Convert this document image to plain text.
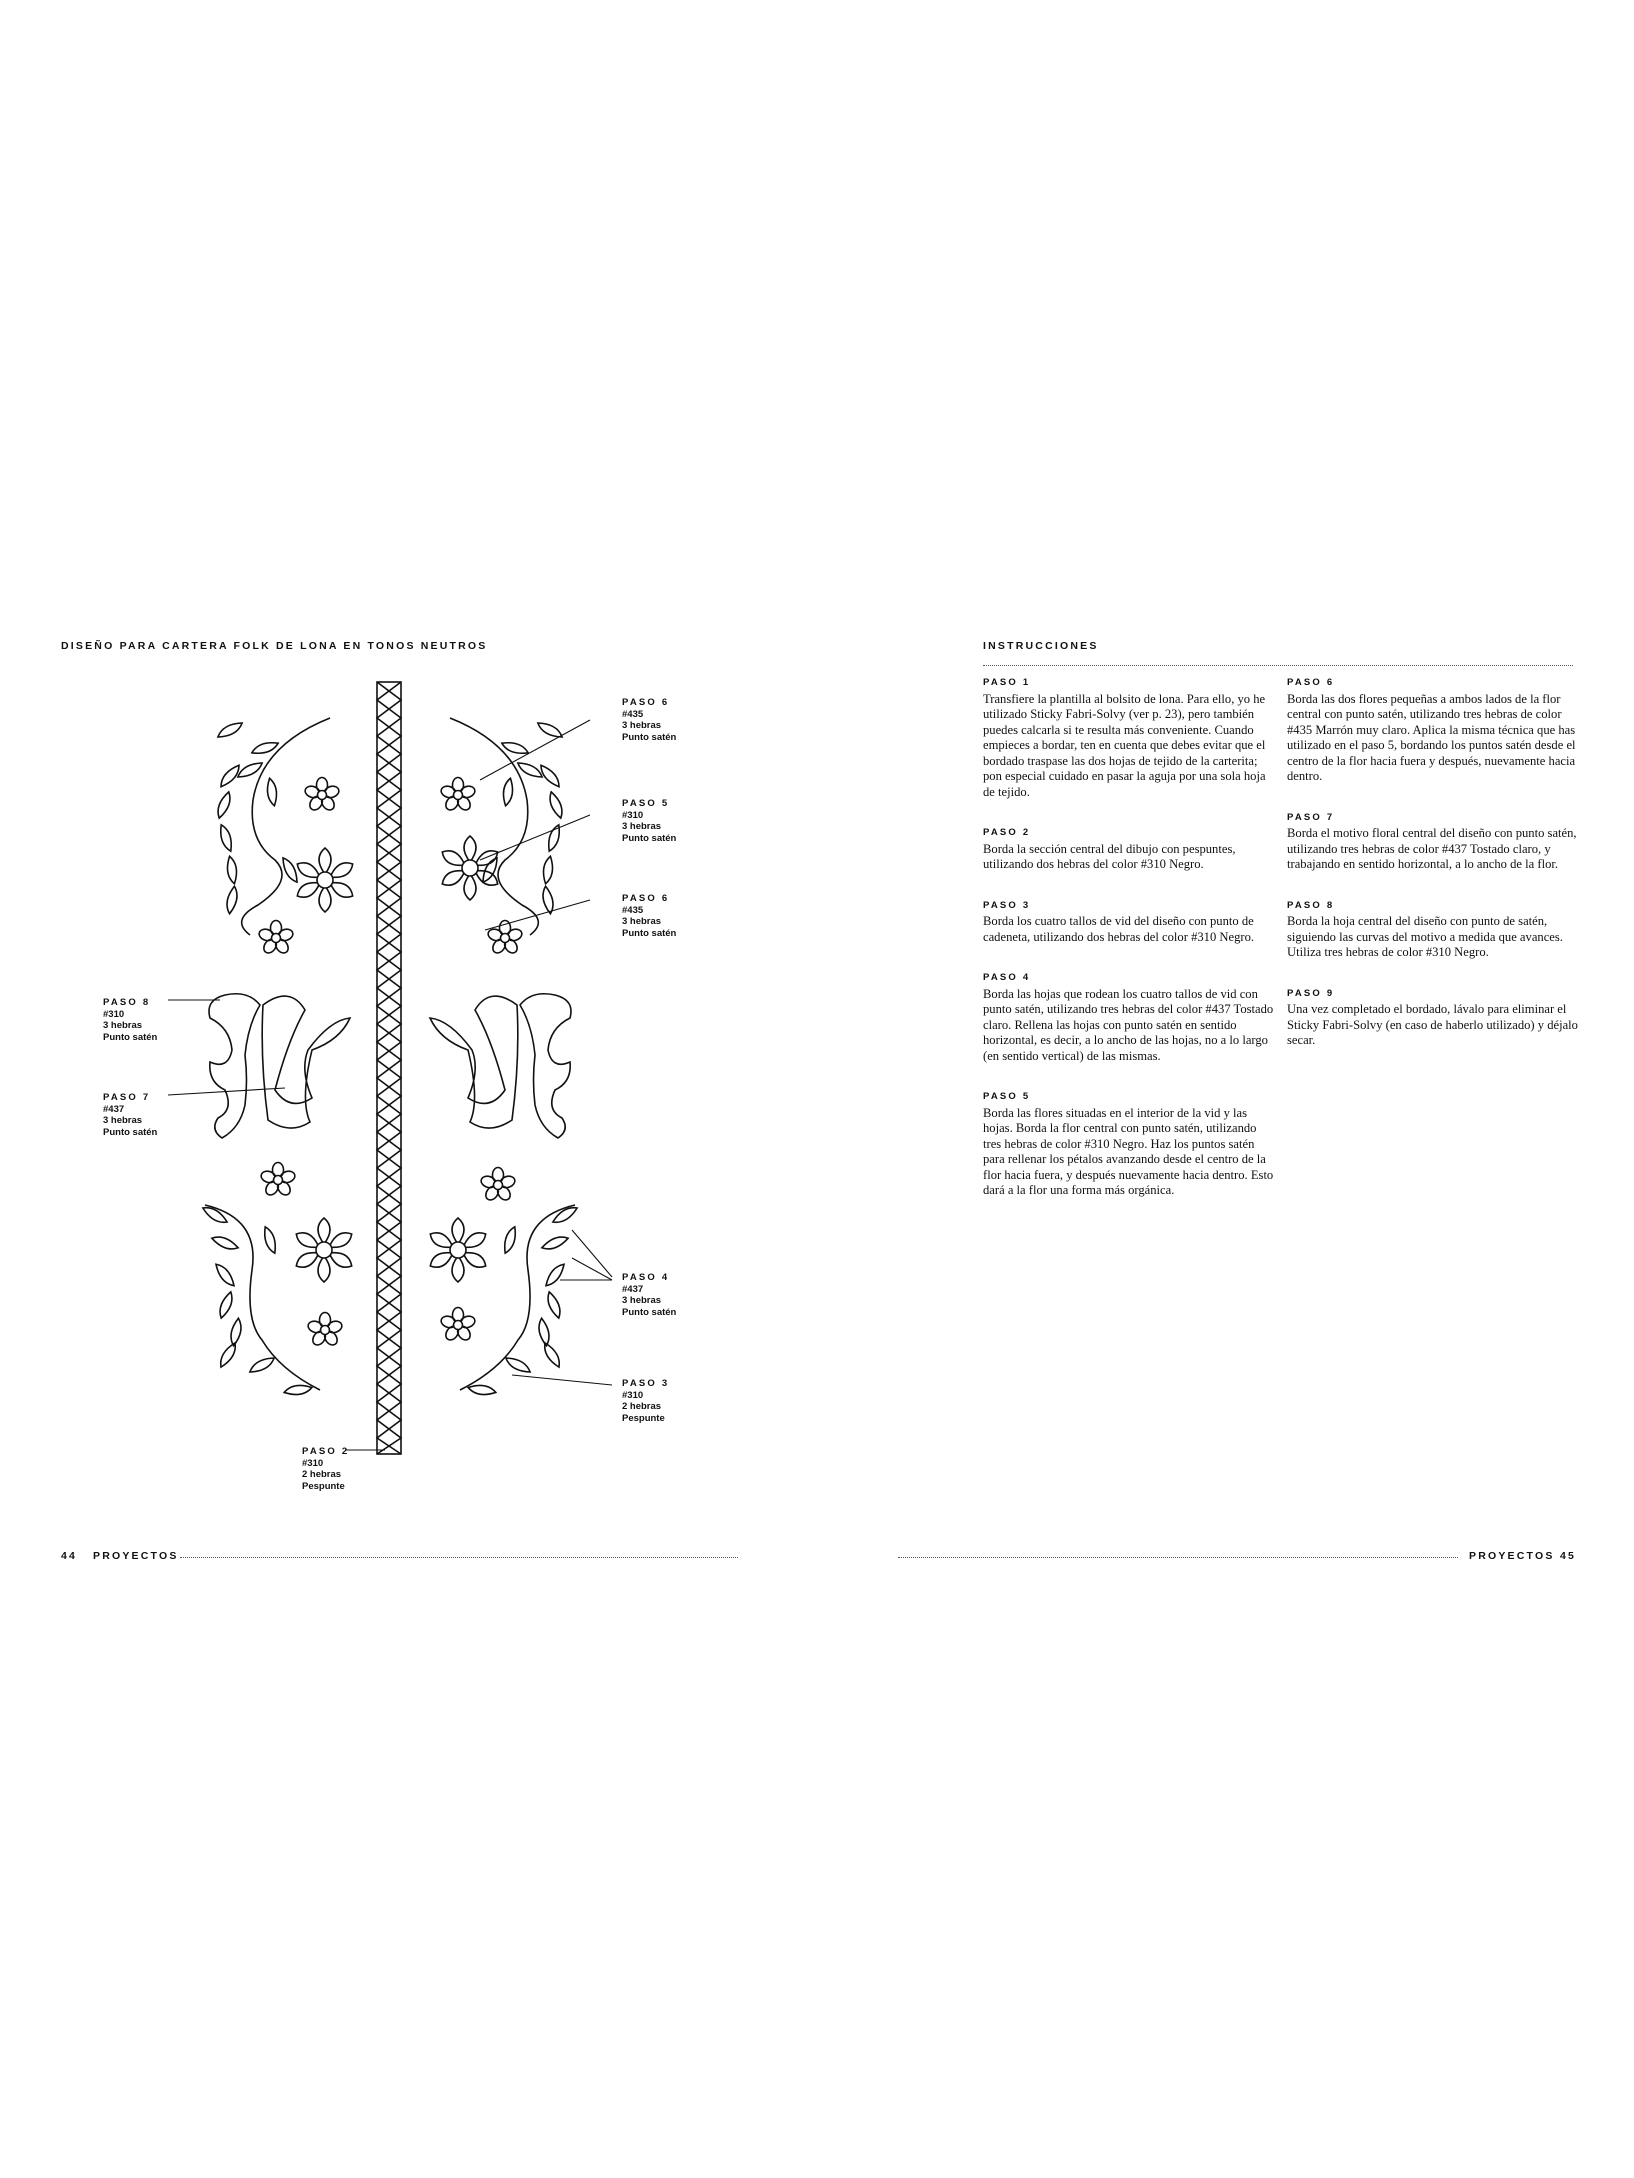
DISEÑO PARA CARTERA FOLK DE LONA EN TONOS NEUTROS
PASO 6
#435
3 hebras
Punto satén
PASO 5
#310
3 hebras
Punto satén
PASO 6
#435
3 hebras
Punto satén
PASO 8
#310
3 hebras
Punto satén
PASO 7
#437
3 hebras
Punto satén
PASO 4
#437
3 hebras
Punto satén
PASO 3
#310
2 hebras
Pespunte
PASO 2
#310
2 hebras
Pespunte
44 PROYECTOS
INSTRUCCIONES
PASO 1
Transfiere la plantilla al bolsito de lona. Para ello, yo he utilizado Sticky Fabri-Solvy (ver p. 23), pero también puedes calcarla si te resulta más conveniente. Cuando empieces a bordar, ten en cuenta que debes evitar que el bordado traspase las dos hojas de tejido de la carterita; pon especial cuidado en pasar la aguja por una sola hoja de tejido.
PASO 2
Borda la sección central del dibujo con pespuntes, utilizando dos hebras del color #310 Negro.
PASO 3
Borda los cuatro tallos de vid del diseño con punto de cadeneta, utilizando dos hebras del color #310 Negro.
PASO 4
Borda las hojas que rodean los cuatro tallos de vid con punto satén, utilizando tres hebras del color #437 Tostado claro. Rellena las hojas con punto satén en sentido horizontal, es decir, a lo ancho de las hojas, no a lo largo (en sentido vertical) de las mismas.
PASO 5
Borda las flores situadas en el interior de la vid y las hojas. Borda la flor central con punto satén, utilizando tres hebras de color #310 Negro. Haz los puntos satén para rellenar los pétalos avanzando desde el centro de la flor hacia fuera, y después nuevamente hacia dentro. Esto dará a la flor una forma más orgánica.
PASO 6
Borda las dos flores pequeñas a ambos lados de la flor central con punto satén, utilizando tres hebras de color #435 Marrón muy claro. Aplica la misma técnica que has utilizado en el paso 5, bordando los puntos satén desde el centro de la flor hacia fuera y después, nuevamente hacia dentro.
PASO 7
Borda el motivo floral central del diseño con punto satén, utilizando tres hebras de color #437 Tostado claro, y trabajando en sentido horizontal, a lo ancho de la flor.
PASO 8
Borda la hoja central del diseño con punto de satén, siguiendo las curvas del motivo a medida que avances. Utiliza tres hebras de color #310 Negro.
PASO 9
Una vez completado el bordado, lávalo para eliminar el Sticky Fabri-Solvy (en caso de haberlo utilizado) y déjalo secar.
PROYECTOS 45
